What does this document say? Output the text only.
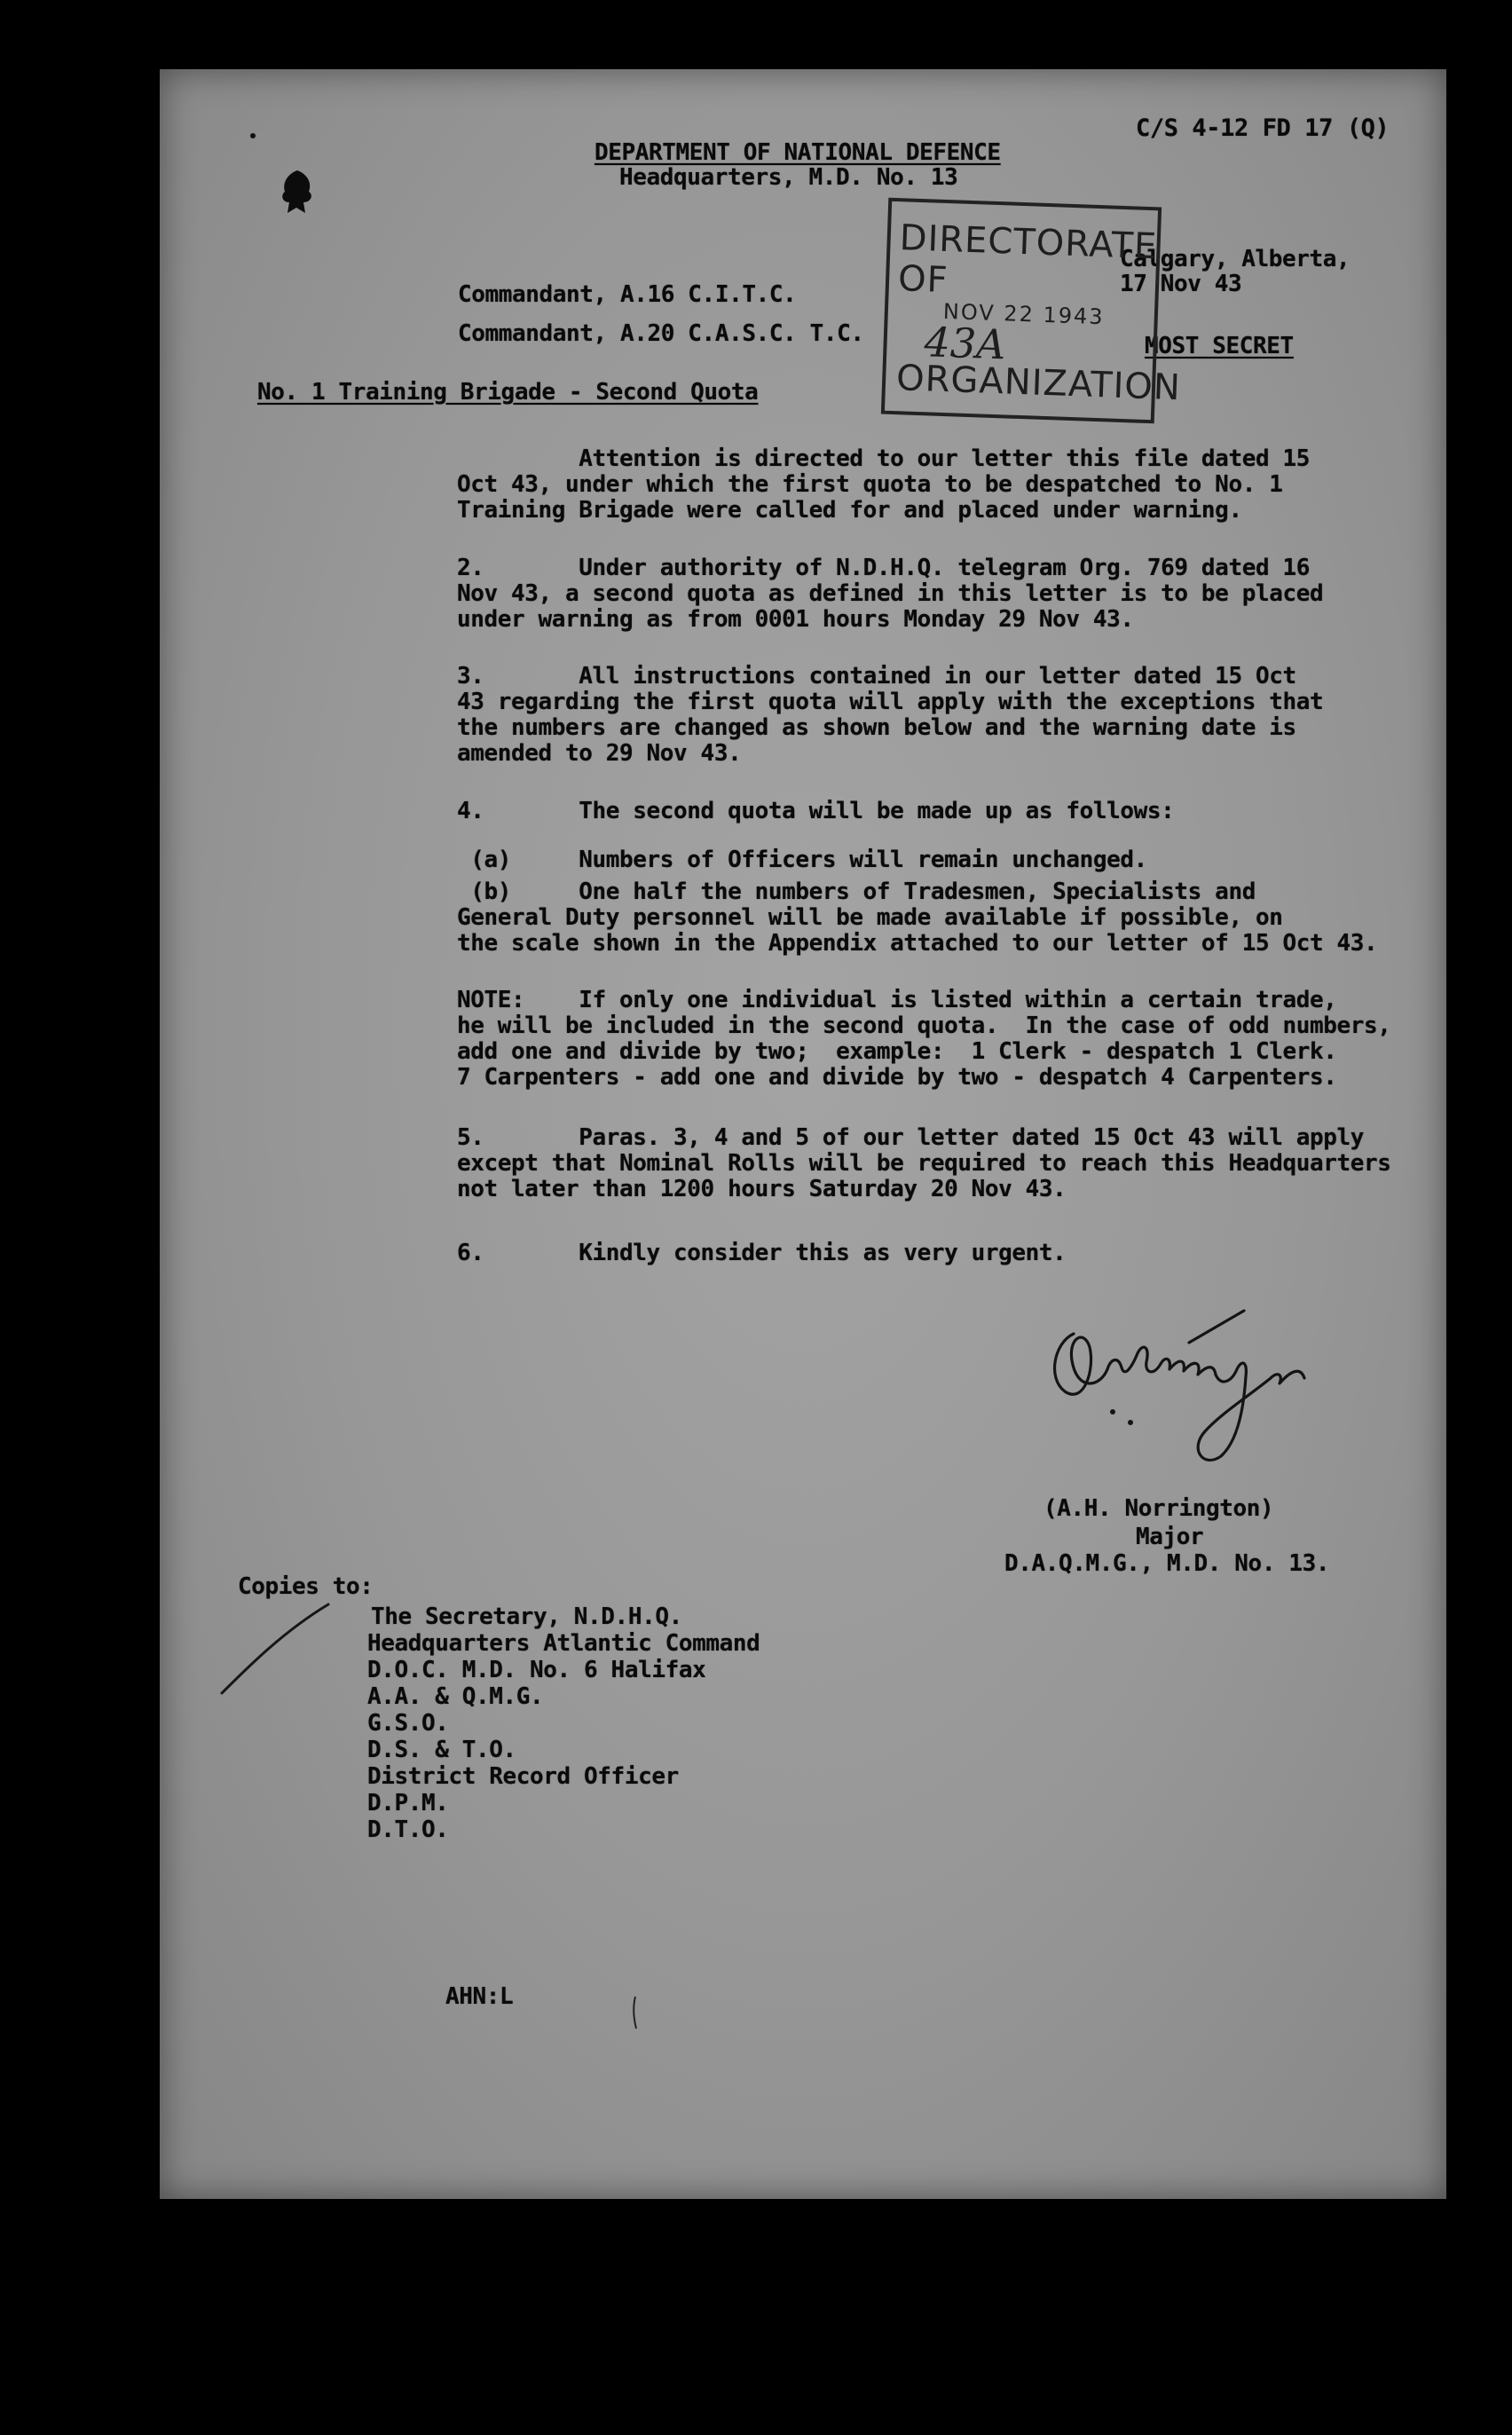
C/S 4-12 FD 17 (Q)
DEPARTMENT OF NATIONAL DEFENCE
Headquarters, M.D. No. 13
Calgary, Alberta,
17 Nov 43
MOST SECRET
DIRECTORATE OF
NOV 22 1943
43A
ORGANIZATION
Commandant, A.16 C.I.T.C.
Commandant, A.20 C.A.S.C. T.C.
No. 1 Training Brigade - Second Quota
Attention is directed to our letter this file dated 15
Oct 43, under which the first quota to be despatched to No. 1
Training Brigade were called for and placed under warning.
2.       Under authority of N.D.H.Q. telegram Org. 769 dated 16
Nov 43, a second quota as defined in this letter is to be placed
under warning as from 0001 hours Monday 29 Nov 43.
3.       All instructions contained in our letter dated 15 Oct
43 regarding the first quota will apply with the exceptions that
the numbers are changed as shown below and the warning date is
amended to 29 Nov 43.
4.       The second quota will be made up as follows:
(a)     Numbers of Officers will remain unchanged.
(b)     One half the numbers of Tradesmen, Specialists and
General Duty personnel will be made available if possible, on
the scale shown in the Appendix attached to our letter of 15 Oct 43.
NOTE:    If only one individual is listed within a certain trade,
he will be included in the second quota.  In the case of odd numbers,
add one and divide by two;  example:  1 Clerk - despatch 1 Clerk.
7 Carpenters - add one and divide by two - despatch 4 Carpenters.
5.       Paras. 3, 4 and 5 of our letter dated 15 Oct 43 will apply
except that Nominal Rolls will be required to reach this Headquarters
not later than 1200 hours Saturday 20 Nov 43.
6.       Kindly consider this as very urgent.
(A.H. Norrington)
Major
D.A.Q.M.G., M.D. No. 13.
Copies to:
The Secretary, N.D.H.Q.
Headquarters Atlantic Command
D.O.C. M.D. No. 6 Halifax
A.A. & Q.M.G.
G.S.O.
D.S. & T.O.
District Record Officer
D.P.M.
D.T.O.
AHN:L
